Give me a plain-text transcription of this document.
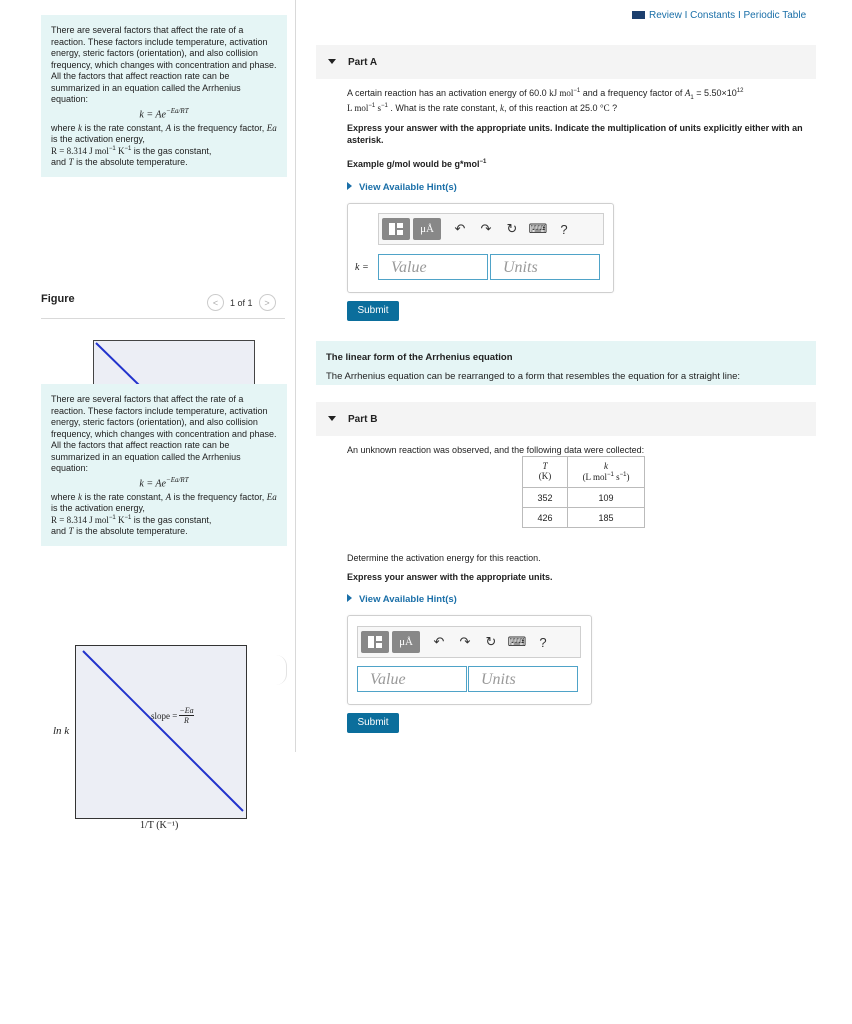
Review I Constants I Periodic Table
There are several factors that affect the rate of a reaction. These factors include temperature, activation energy, steric factors (orientation), and also collision frequency, which changes with concentration and phase. All the factors that affect reaction rate can be summarized in an equation called the Arrhenius equation:
$k = Ae^{-Ea/RT}$
where k is the rate constant, A is the frequency factor, Ea is the activation energy,
R = 8.314 J mol$^{-1}$ $K^{-1}$ is the gas constant,
and T is the absolute temperature.
Figure	<	1 of 1	>
There are several factors that affect the rate of a reaction. These factors include temperature, activation energy, steric factors (orientation), and also collision frequency, which changes with concentration and phase. All the factors that affect reaction rate can be summarized in an equation called the Arrhenius equation:
$k = Ae^{-Ea/RT}$
where k is the rate constant, A is the frequency factor, Ea is the activation energy,
R = 8.314 J mol$^{-1}$ $K^{-1}$ is the gas constant,
and T is the absolute temperature.
ln k
slope = $\frac{-Ea}{R}$
1/T (K⁻¹)
Part A
A certain reaction has an activation energy of 60.0 kJ mol$^{-1}$ and a frequency factor of $A_1 = 5.50\times 10^{12}$
L mol$^{-1}$ $s^{-1}$ . What is the rate constant, k, of this reaction at 25.0 °C ?
Express your answer with the appropriate units. Indicate the multiplication of units explicitly either with an asterisk.
Example g/mol would be g*mol$^{-1}$
View Available Hint(s)
μÅ	↶	↷	↻ ⌨	?
k =	Value	Units
Submit
The linear form of the Arrhenius equation
The Arrhenius equation can be rearranged to a form that resembles the equation for a straight line:
Part B
An unknown reaction was observed, and the following data were collected:
T
(K)	k
(L mol$^{-1}$ $s^{-1}$)
352	109
426	185
Determine the activation energy for this reaction.
Express your answer with the appropriate units.
View Available Hint(s)
μÅ	↶	↷	↻ ⌨	?
Value	Units
Submit
